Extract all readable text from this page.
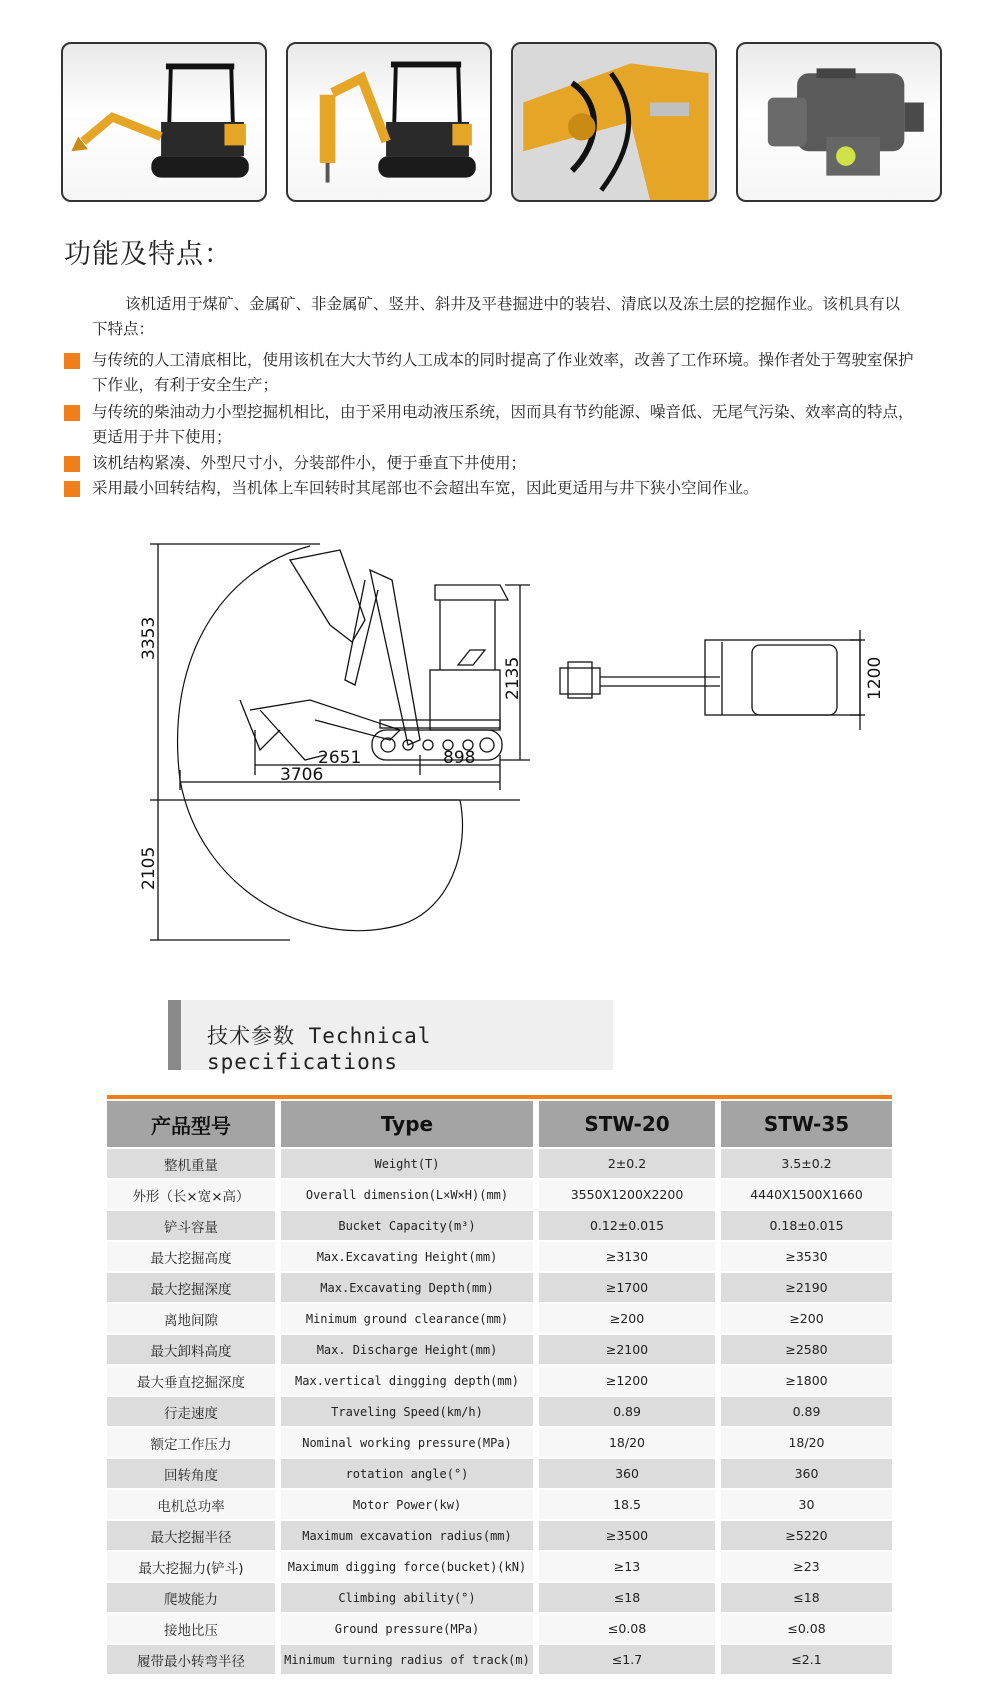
功能及特点：
该机适用于煤矿、金属矿、非金属矿、竖井、斜井及平巷掘进中的装岩、清底以及冻土层的挖掘作业。该机具有以下特点：
与传统的人工清底相比，使用该机在大大节约人工成本的同时提高了作业效率，改善了工作环境。操作者处于驾驶室保护下作业，有利于安全生产；
与传统的柴油动力小型挖掘机相比，由于采用电动液压系统，因而具有节约能源、噪音低、无尾气污染、效率高的特点，更适用于井下使用；
该机结构紧凑、外型尺寸小，分装部件小，便于垂直下井使用；
采用最小回转结构，当机体上车回转时其尾部也不会超出车宽，因此更适用与井下狭小空间作业。
3353
2135
2651	898
3706
2105
1200
技术参数 Technical specifications
产品型号	Type	STW-20	STW-35
整机重量	Weight(T)	2±0.2	3.5±0.2
外形（长×宽×高）	Overall dimension(L×W×H)(mm)	3550X1200X2200	4440X1500X1660
铲斗容量	Bucket Capacity(m³)	0.12±0.015	0.18±0.015
最大挖掘高度	Max.Excavating Height(mm)	≥3130	≥3530
最大挖掘深度	Max.Excavating Depth(mm)	≥1700	≥2190
离地间隙	Minimum ground clearance(mm)	≥200	≥200
最大卸料高度	Max. Discharge Height(mm)	≥2100	≥2580
最大垂直挖掘深度	Max.vertical dingging depth(mm)	≥1200	≥1800
行走速度	Traveling Speed(km/h)	0.89	0.89
额定工作压力	Nominal working pressure(MPa)	18/20	18/20
回转角度	rotation angle(°)	360	360
电机总功率	Motor Power(kw)	18.5	30
最大挖掘半径	Maximum excavation radius(mm)	≥3500	≥5220
最大挖掘力(铲斗)	Maximum digging force(bucket)(kN)	≥13	≥23
爬坡能力	Climbing ability(°)	≤18	≤18
接地比压	Ground pressure(MPa)	≤0.08	≤0.08
履带最小转弯半径	Minimum turning radius of track(m)	≤1.7	≤2.1
